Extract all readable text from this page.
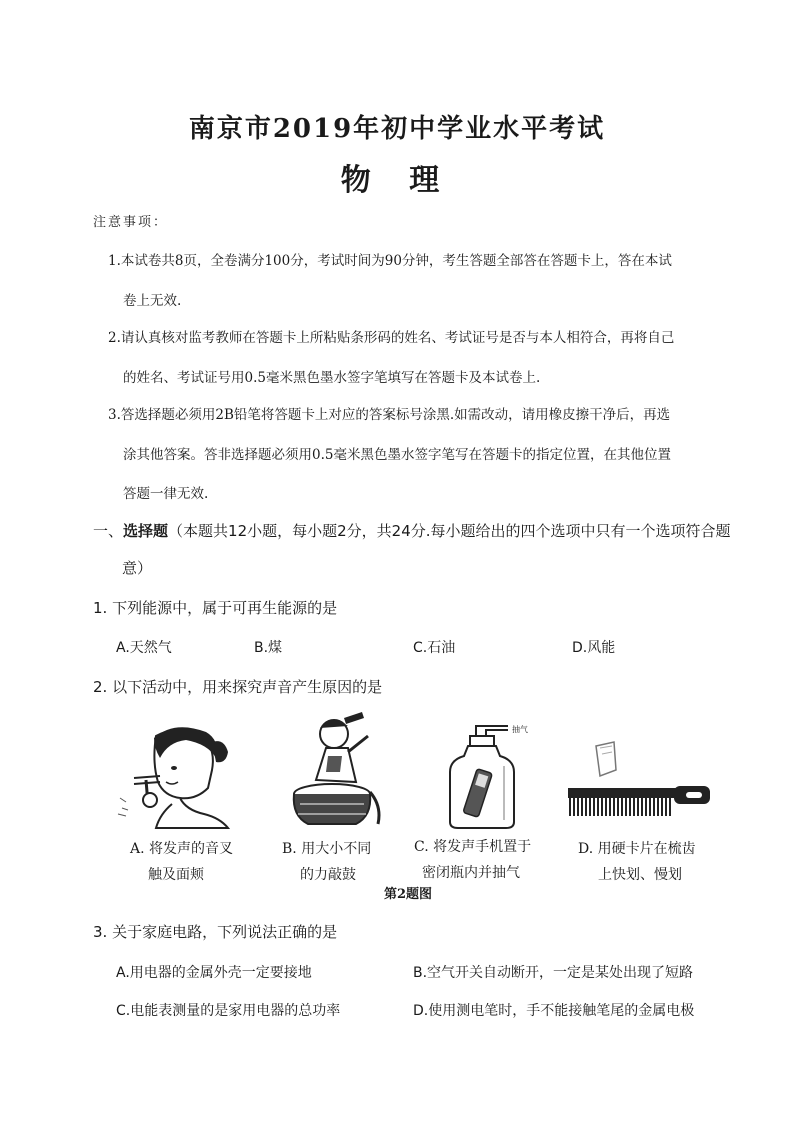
南京市2019年初中学业水平考试
物 理
注意事项：
1.本试卷共8页，全卷满分100分，考试时间为90分钟，考生答题全部答在答题卡上，答在本试
卷上无效.
2.请认真核对监考教师在答题卡上所粘贴条形码的姓名、考试证号是否与本人相符合，再将自己
的姓名、考试证号用0.5毫米黑色墨水签字笔填写在答题卡及本试卷上.
3.答选择题必须用2B铅笔将答题卡上对应的答案标号涂黑.如需改动，请用橡皮擦干净后，再选
涂其他答案。答非选择题必须用0.5毫米黑色墨水签字笔写在答题卡的指定位置，在其他位置
答题一律无效.
一、选择题（本题共12小题，每小题2分，共24分.每小题给出的四个选项中只有一个选项符合题
意）
1. 下列能源中，属于可再生能源的是
A.天然气	B.煤	C.石油	D.风能
2. 以下活动中，用来探究声音产生原因的是
抽气
A. 将发声的音叉
触及面颊
B. 用大小不同
的力敲鼓
C. 将发声手机置于
密闭瓶内并抽气
D. 用硬卡片在梳齿
上快划、慢划
第2题图
3. 关于家庭电路，下列说法正确的是
A.用电器的金属外壳一定要接地	B.空气开关自动断开，一定是某处出现了短路
C.电能表测量的是家用电器的总功率	D.使用测电笔时，手不能接触笔尾的金属电极
